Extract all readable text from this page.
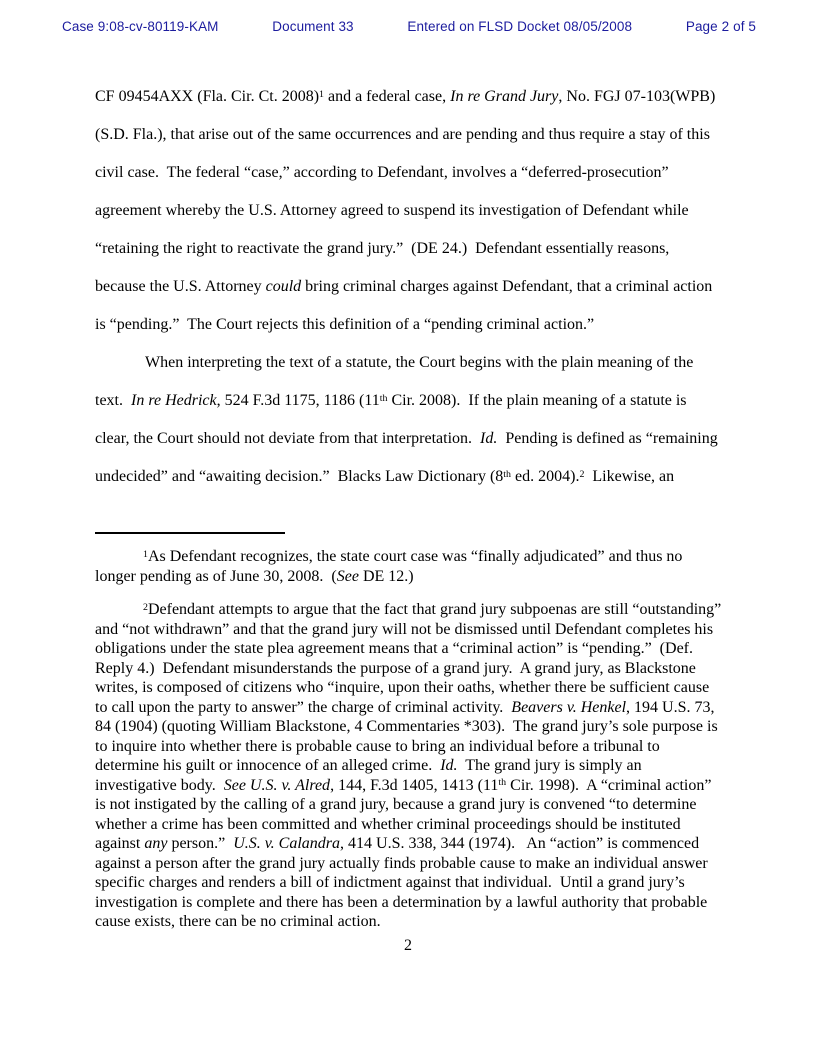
Case 9:08-cv-80119-KAM	Document 33	Entered on FLSD Docket 08/05/2008	Page 2 of 5

CF 09454AXX (Fla. Cir. Ct. 2008)$^1$ and a federal case, In re Grand Jury, No. FGJ 07-103(WPB) (S.D. Fla.), that arise out of the same occurrences and are pending and thus require a stay of this civil case.  The federal “case,” according to Defendant, involves a “deferred-prosecution” agreement whereby the U.S. Attorney agreed to suspend its investigation of Defendant while “retaining the right to reactivate the grand jury.”  (DE 24.)  Defendant essentially reasons, because the U.S. Attorney could bring criminal charges against Defendant, that a criminal action is “pending.”  The Court rejects this definition of a “pending criminal action.”

When interpreting the text of a statute, the Court begins with the plain meaning of the text.  In re Hedrick, 524 F.3d 1175, 1186 (11th Cir. 2008).  If the plain meaning of a statute is clear, the Court should not deviate from that interpretation.  Id.  Pending is defined as “remaining undecided” and “awaiting decision.”  Blacks Law Dictionary (8th ed. 2004).$^2$  Likewise, an

$^1$As Defendant recognizes, the state court case was “finally adjudicated” and thus no longer pending as of June 30, 2008.  (See DE 12.)

$^2$Defendant attempts to argue that the fact that grand jury subpoenas are still “outstanding” and “not withdrawn” and that the grand jury will not be dismissed until Defendant completes his obligations under the state plea agreement means that a “criminal action” is “pending.”  (Def. Reply 4.)  Defendant misunderstands the purpose of a grand jury.  A grand jury, as Blackstone writes, is composed of citizens who “inquire, upon their oaths, whether there be sufficient cause to call upon the party to answer” the charge of criminal activity.  Beavers v. Henkel, 194 U.S. 73, 84 (1904) (quoting William Blackstone, 4 Commentaries *303).  The grand jury’s sole purpose is to inquire into whether there is probable cause to bring an individual before a tribunal to determine his guilt or innocence of an alleged crime.  Id.  The grand jury is simply an investigative body.  See U.S. v. Alred, 144, F.3d 1405, 1413 (11th Cir. 1998).  A “criminal action” is not instigated by the calling of a grand jury, because a grand jury is convened “to determine whether a crime has been committed and whether criminal proceedings should be instituted against any person.”  U.S. v. Calandra, 414 U.S. 338, 344 (1974).   An “action” is commenced against a person after the grand jury actually finds probable cause to make an individual answer specific charges and renders a bill of indictment against that individual.  Until a grand jury’s investigation is complete and there has been a determination by a lawful authority that probable cause exists, there can be no criminal action.

2
